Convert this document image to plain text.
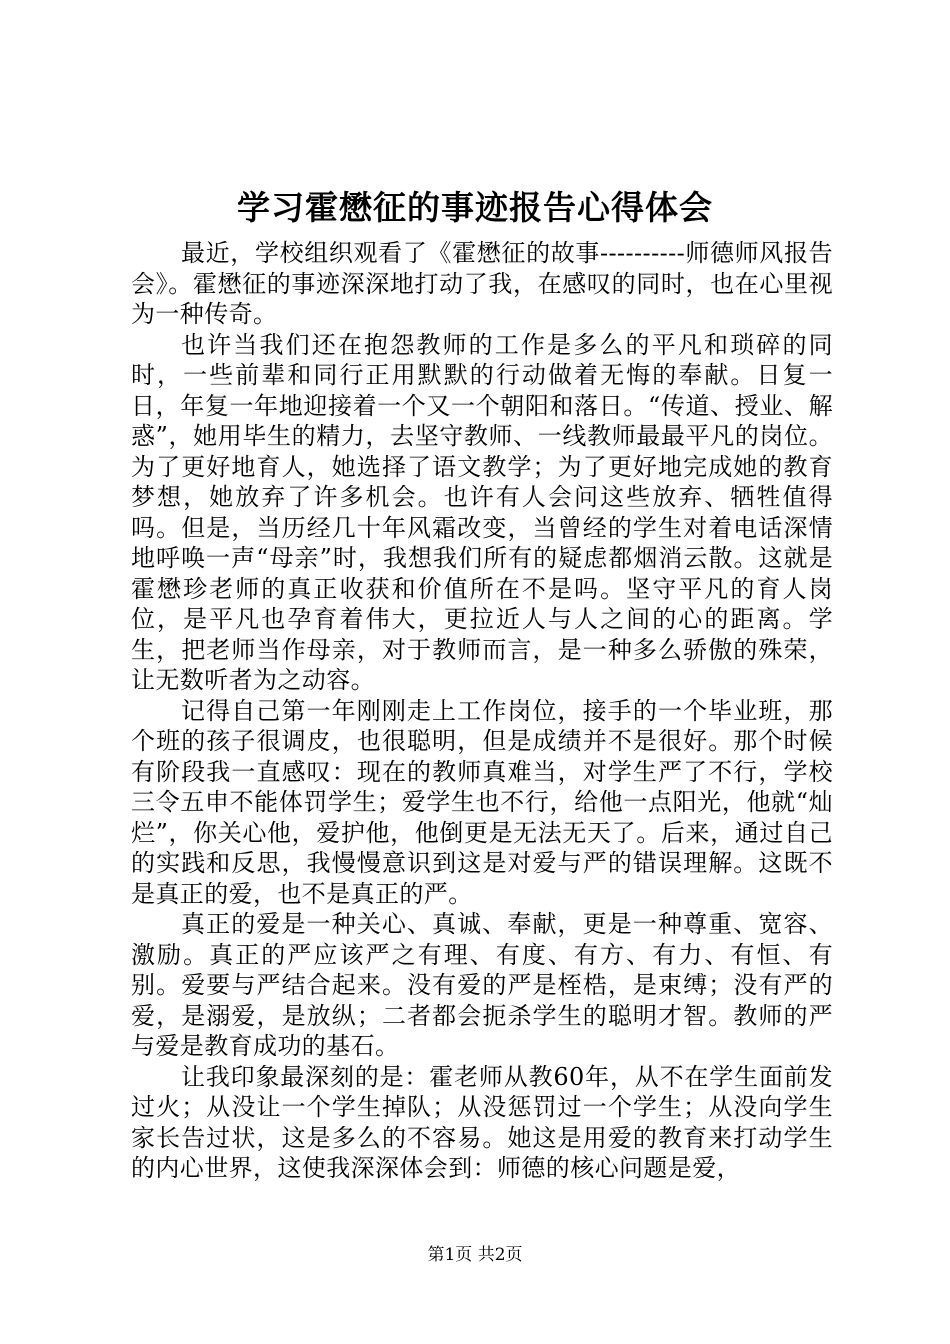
学习霍懋征的事迹报告心得体会

最近，学校组织观看了《霍懋征的故事----------师德师风报告会》。霍懋征的事迹深深地打动了我，在感叹的同时，也在心里视为一种传奇。

也许当我们还在抱怨教师的工作是多么的平凡和琐碎的同时，一些前辈和同行正用默默的行动做着无悔的奉献。日复一日，年复一年地迎接着一个又一个朝阳和落日。“传道、授业、解惑”，她用毕生的精力，去坚守教师、一线教师最最平凡的岗位。为了更好地育人，她选择了语文教学；为了更好地完成她的教育梦想，她放弃了许多机会。也许有人会问这些放弃、牺牲值得吗。但是，当历经几十年风霜改变，当曾经的学生对着电话深情地呼唤一声“母亲”时，我想我们所有的疑虑都烟消云散。这就是霍懋珍老师的真正收获和价值所在不是吗。坚守平凡的育人岗位，是平凡也孕育着伟大，更拉近人与人之间的心的距离。学生，把老师当作母亲，对于教师而言，是一种多么骄傲的殊荣，让无数听者为之动容。

记得自己第一年刚刚走上工作岗位，接手的一个毕业班，那个班的孩子很调皮，也很聪明，但是成绩并不是很好。那个时候有阶段我一直感叹：现在的教师真难当，对学生严了不行，学校三令五申不能体罚学生；爱学生也不行，给他一点阳光，他就“灿烂”，你关心他，爱护他，他倒更是无法无天了。后来，通过自己的实践和反思，我慢慢意识到这是对爱与严的错误理解。这既不是真正的爱，也不是真正的严。

真正的爱是一种关心、真诚、奉献，更是一种尊重、宽容、激励。真正的严应该严之有理、有度、有方、有力、有恒、有别。爱要与严结合起来。没有爱的严是桎梏，是束缚；没有严的爱，是溺爱，是放纵；二者都会扼杀学生的聪明才智。教师的严与爱是教育成功的基石。

让我印象最深刻的是：霍老师从教60年，从不在学生面前发过火；从没让一个学生掉队；从没惩罚过一个学生；从没向学生家长告过状，这是多么的不容易。她这是用爱的教育来打动学生的内心世界，这使我深深体会到：师德的核心问题是爱，

第1页 共2页
